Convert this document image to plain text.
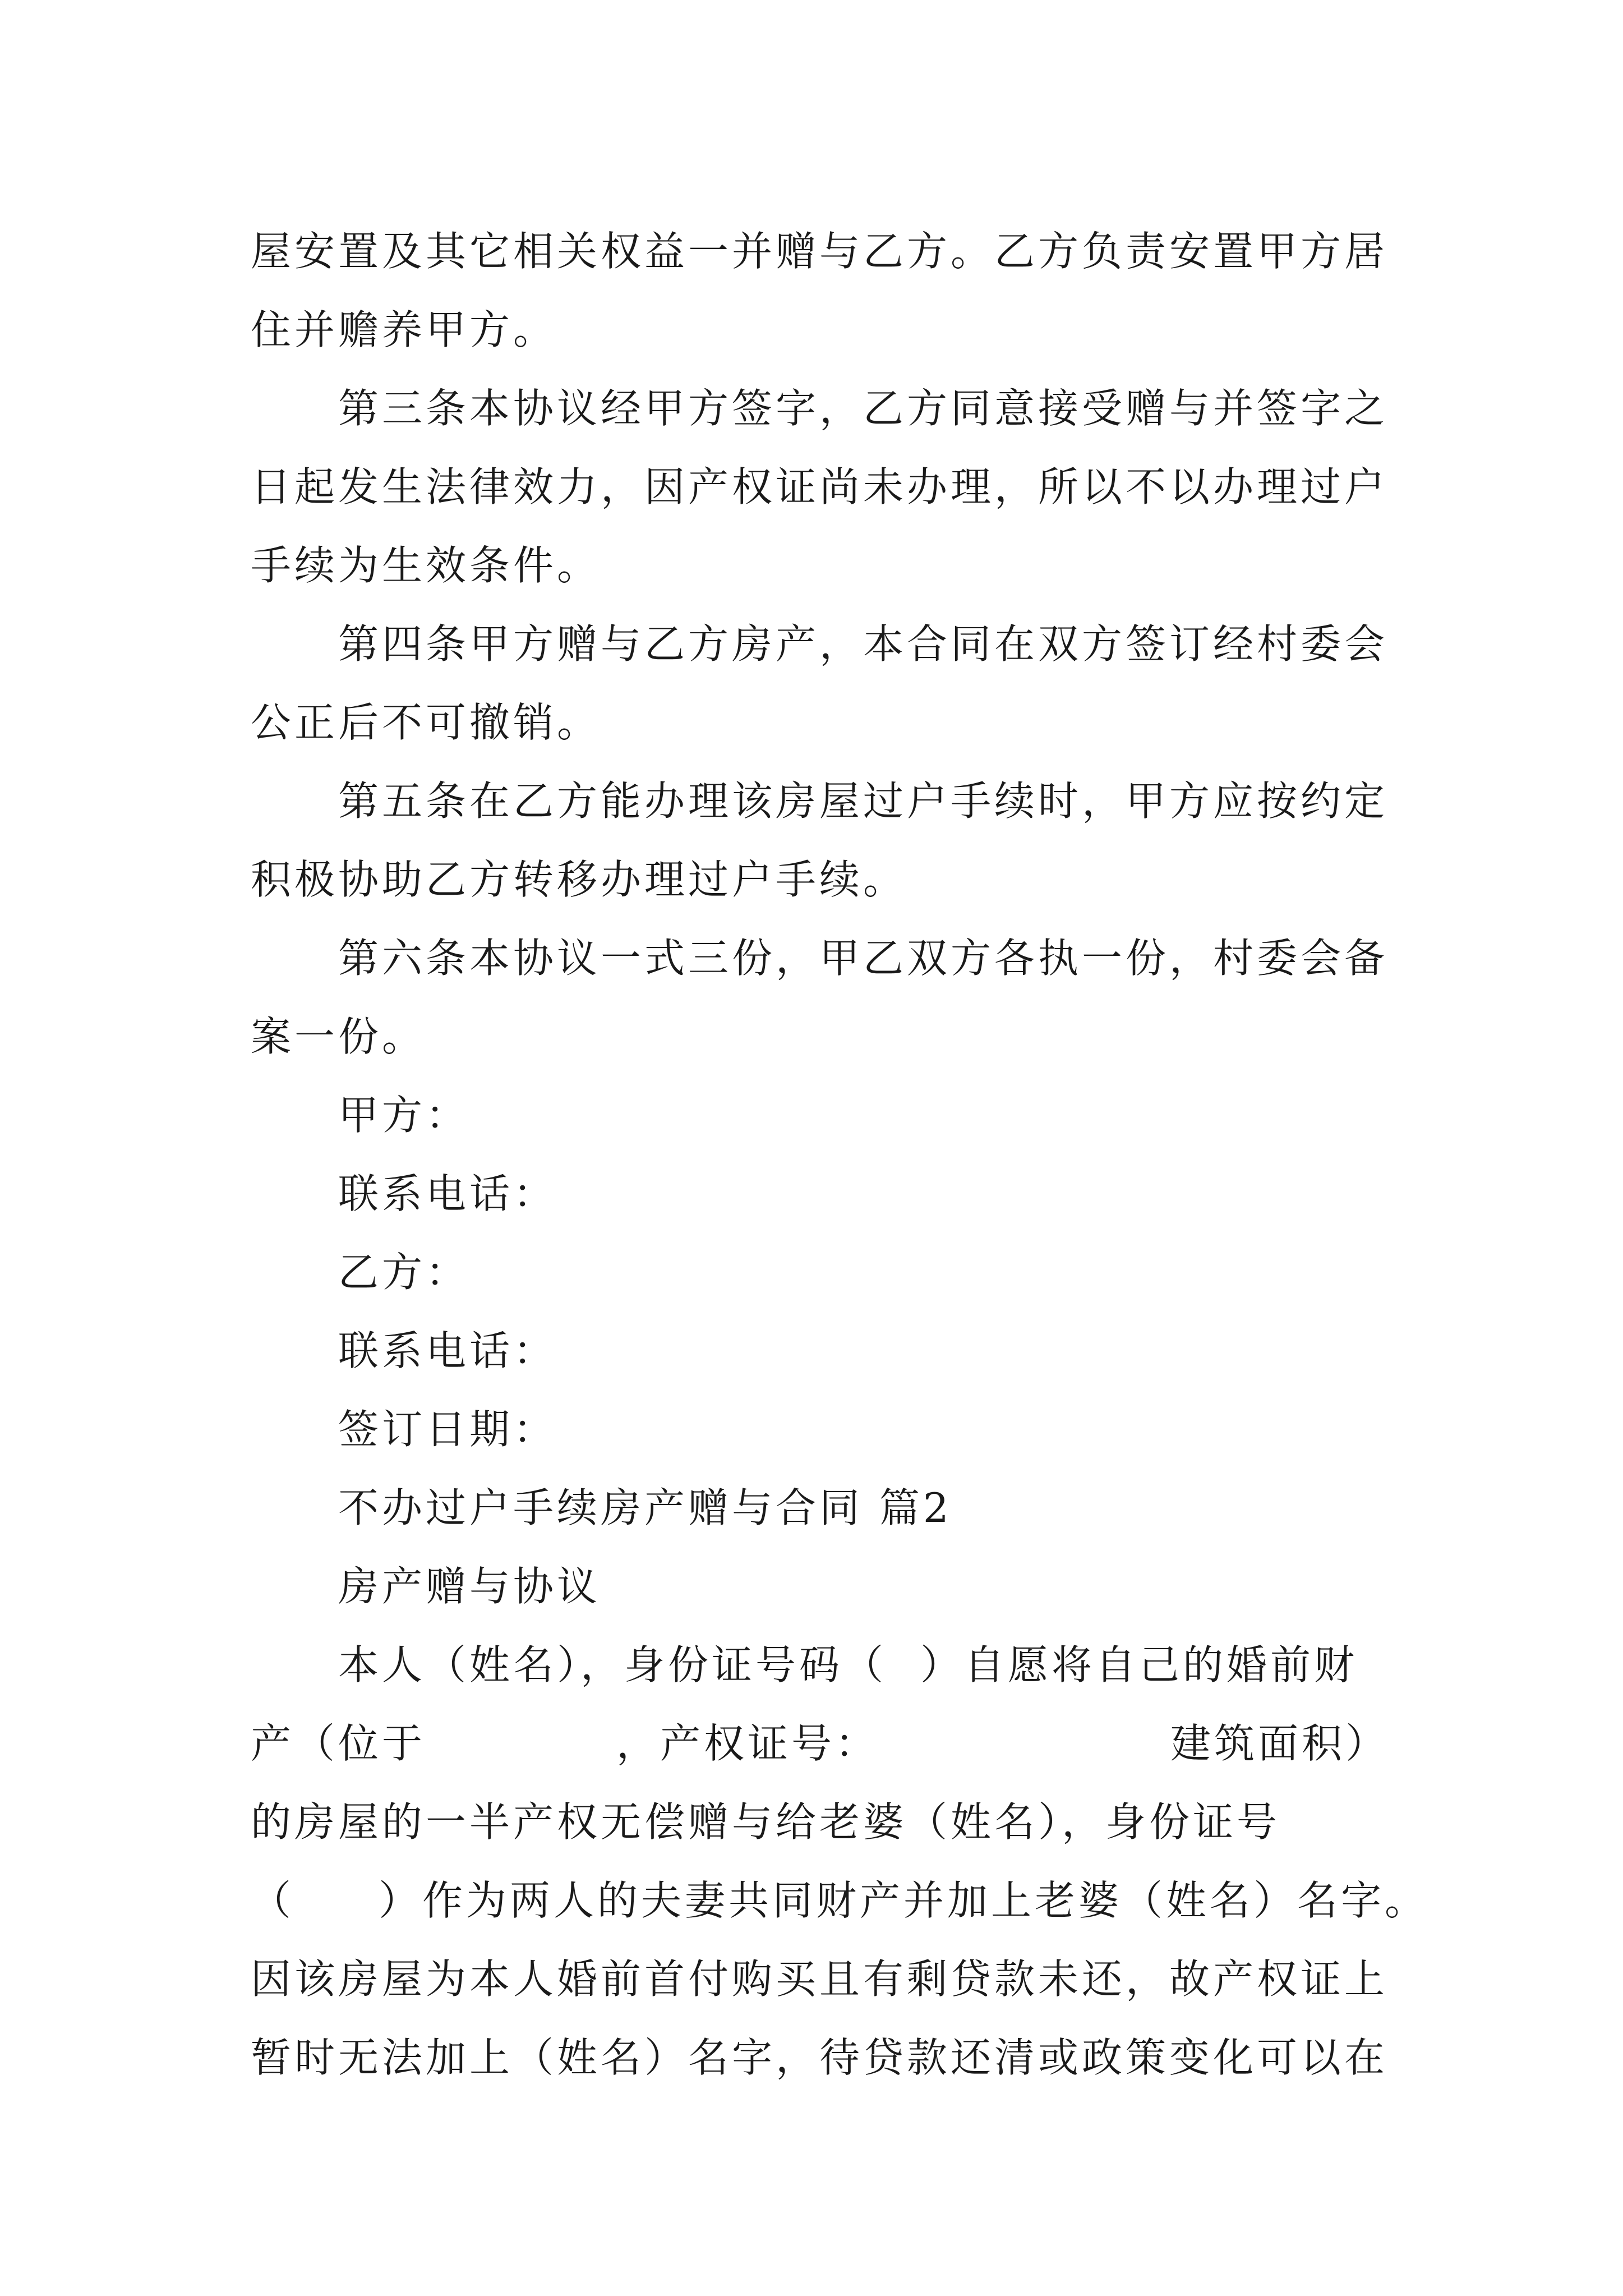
屋安置及其它相关权益一并赠与乙方。乙方负责安置甲方居
住并赡养甲方。
第三条本协议经甲方签字，乙方同意接受赠与并签字之
日起发生法律效力，因产权证尚未办理，所以不以办理过户
手续为生效条件。
第四条甲方赠与乙方房产，本合同在双方签订经村委会
公正后不可撤销。
第五条在乙方能办理该房屋过户手续时，甲方应按约定
积极协助乙方转移办理过户手续。
第六条本协议一式三份，甲乙双方各执一份，村委会备
案一份。
甲方：
联系电话：
乙方：
联系电话：
签订日期：
不办过户手续房产赠与合同 篇2
房产赠与协议
本人（姓名），身份证号码（ ）自愿将自己的婚前财
产（位于	，产权证号：	建筑面积）
的房屋的一半产权无偿赠与给老婆（姓名），身份证号
（ ）作为两人的夫妻共同财产并加上老婆（姓名）名字。
因该房屋为本人婚前首付购买且有剩贷款未还，故产权证上
暂时无法加上（姓名）名字，待贷款还清或政策变化可以在
